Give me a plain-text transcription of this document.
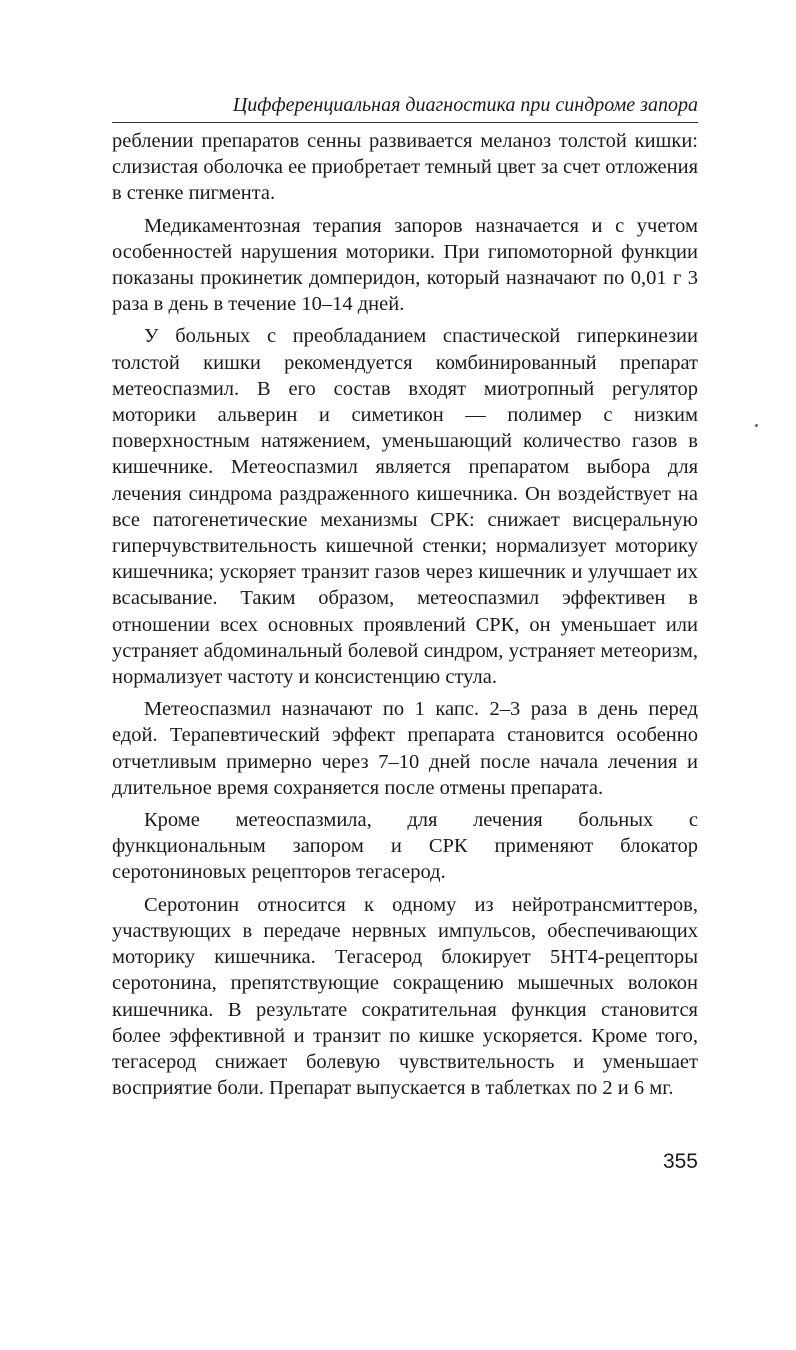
Цифференциальная диагностика при синдроме запора

реблении препаратов сенны развивается меланоз толстой кишки: слизистая оболочка ее приобретает темный цвет за счет отложения в стенке пигмента.

Медикаментозная терапия запоров назначается и с учетом особенностей нарушения моторики. При гипомоторной функции показаны прокинетик домперидон, который назначают по 0,01 г 3 раза в день в течение 10–14 дней.

У больных с преобладанием спастической гиперкинезии толстой кишки рекомендуется комбинированный препарат метеоспазмил. В его состав входят миотропный регулятор моторики альверин и симетикон — полимер с низким поверхностным натяжением, уменьшающий количество газов в кишечнике. Метеоспазмил является препаратом выбора для лечения синдрома раздраженного кишечника. Он воздействует на все патогенетические механизмы СРК: снижает висцеральную гиперчувствительность кишечной стенки; нормализует моторику кишечника; ускоряет транзит газов через кишечник и улучшает их всасывание. Таким образом, метеоспазмил эффективен в отношении всех основных проявлений СРК, он уменьшает или устраняет абдоминальный болевой синдром, устраняет метеоризм, нормализует частоту и консистенцию стула.

Метеоспазмил назначают по 1 капс. 2–3 раза в день перед едой. Терапевтический эффект препарата становится особенно отчетливым примерно через 7–10 дней после начала лечения и длительное время сохраняется после отмены препарата.

Кроме метеоспазмила, для лечения больных с функциональным запором и СРК применяют блокатор серотониновых рецепторов тегасерод.

Серотонин относится к одному из нейротрансмиттеров, участвующих в передаче нервных импульсов, обеспечивающих моторику кишечника. Тегасерод блокирует 5НТ4-рецепторы серотонина, препятствующие сокращению мышечных волокон кишечника. В результате сократительная функция становится более эффективной и транзит по кишке ускоряется. Кроме того, тегасерод снижает болевую чувствительность и уменьшает восприятие боли. Препарат выпускается в таблетках по 2 и 6 мг.

355
